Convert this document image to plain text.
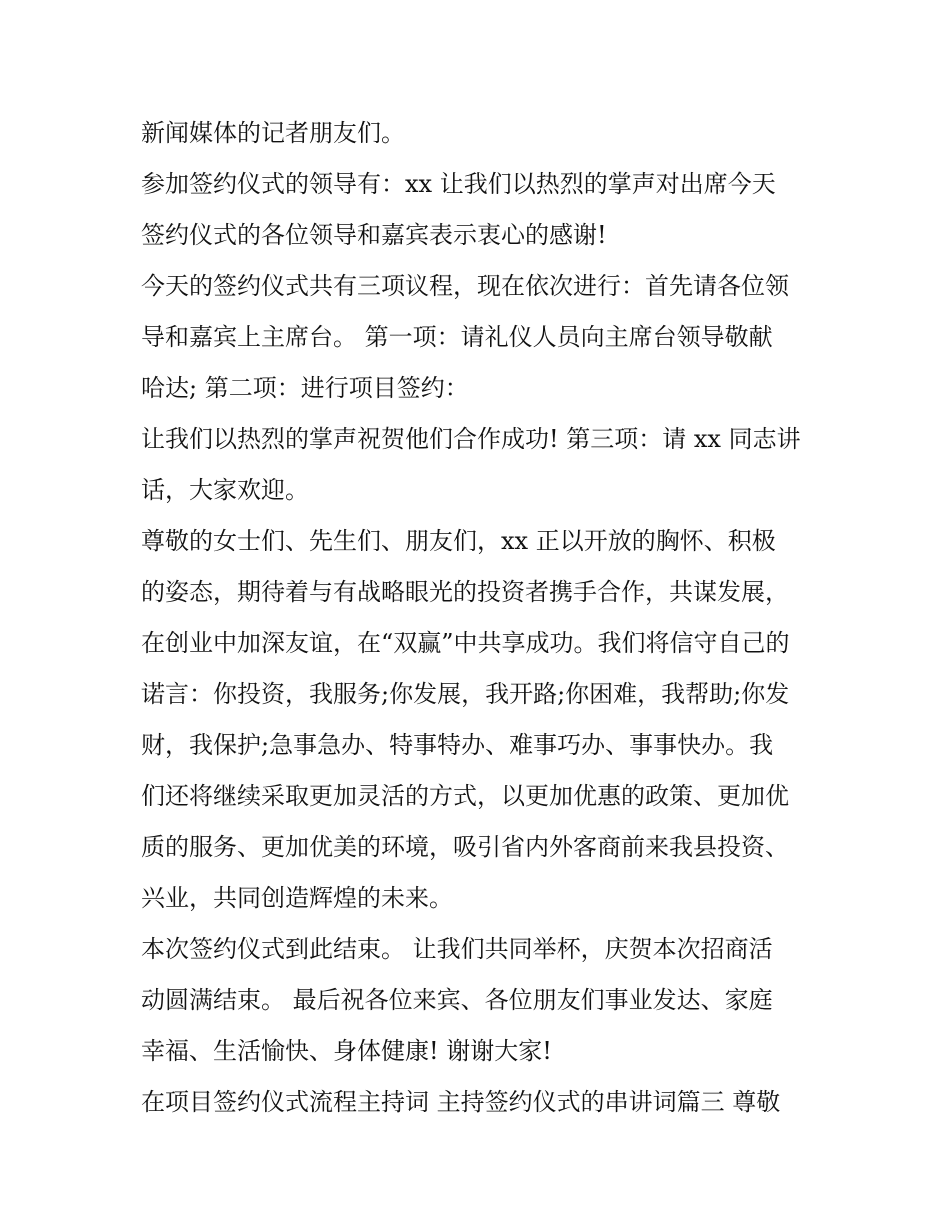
新闻媒体的记者朋友们。
参加签约仪式的领导有：xx 让我们以热烈的掌声对出席今天
签约仪式的各位领导和嘉宾表示衷心的感谢!
今天的签约仪式共有三项议程，现在依次进行：首先请各位领
导和嘉宾上主席台。 第一项：请礼仪人员向主席台领导敬献
哈达; 第二项：进行项目签约：
让我们以热烈的掌声祝贺他们合作成功! 第三项：请 xx 同志讲
话，大家欢迎。
尊敬的女士们、先生们、朋友们，xx 正以开放的胸怀、积极
的姿态，期待着与有战略眼光的投资者携手合作，共谋发展，
在创业中加深友谊，在“双赢”中共享成功。我们将信守自己的
诺言：你投资，我服务;你发展，我开路;你困难，我帮助;你发
财，我保护;急事急办、特事特办、难事巧办、事事快办。我
们还将继续采取更加灵活的方式，以更加优惠的政策、更加优
质的服务、更加优美的环境，吸引省内外客商前来我县投资、
兴业，共同创造辉煌的未来。
本次签约仪式到此结束。 让我们共同举杯，庆贺本次招商活
动圆满结束。 最后祝各位来宾、各位朋友们事业发达、家庭
幸福、生活愉快、身体健康! 谢谢大家!
在项目签约仪式流程主持词 主持签约仪式的串讲词篇三 尊敬
